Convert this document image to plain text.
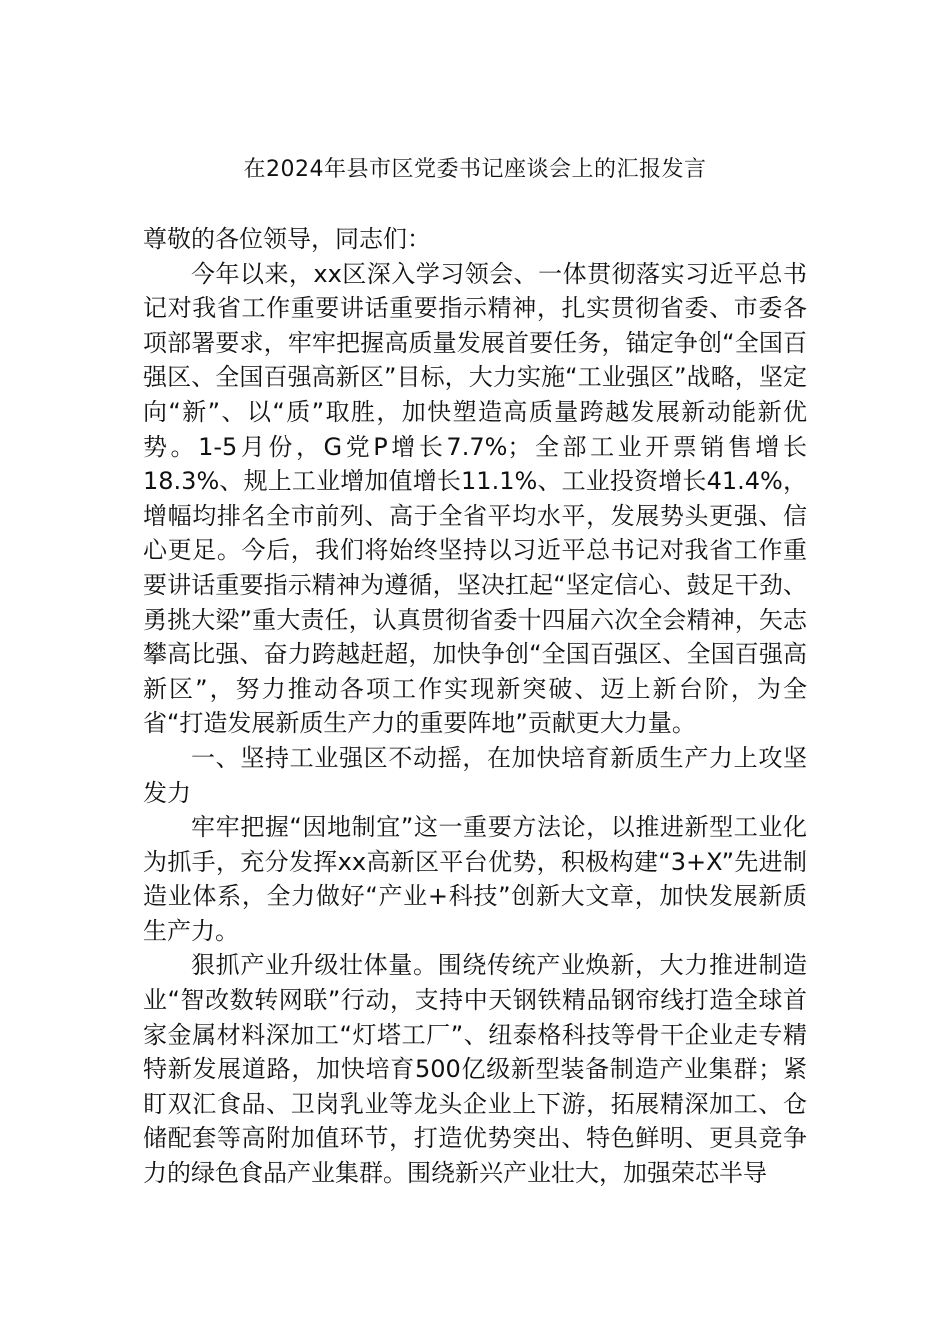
在2024年县市区党委书记座谈会上的汇报发言

尊敬的各位领导，同志们：

今年以来，xx区深入学习领会、一体贯彻落实习近平总书记对我省工作重要讲话重要指示精神，扎实贯彻省委、市委各项部署要求，牢牢把握高质量发展首要任务，锚定争创“全国百强区、全国百强高新区”目标，大力实施“工业强区”战略，坚定向“新”、以“质”取胜，加快塑造高质量跨越发展新动能新优势。1-5月份，G党P增长7.7%；全部工业开票销售增长18.3%、规上工业增加值增长11.1%、工业投资增长41.4%，增幅均排名全市前列、高于全省平均水平，发展势头更强、信心更足。今后，我们将始终坚持以习近平总书记对我省工作重要讲话重要指示精神为遵循，坚决扛起“坚定信心、鼓足干劲、勇挑大梁”重大责任，认真贯彻省委十四届六次全会精神，矢志攀高比强、奋力跨越赶超，加快争创“全国百强区、全国百强高新区”，努力推动各项工作实现新突破、迈上新台阶，为全省“打造发展新质生产力的重要阵地”贡献更大力量。

一、坚持工业强区不动摇，在加快培育新质生产力上攻坚发力

牢牢把握“因地制宜”这一重要方法论，以推进新型工业化为抓手，充分发挥xx高新区平台优势，积极构建“3+X”先进制造业体系，全力做好“产业+科技”创新大文章，加快发展新质生产力。

狠抓产业升级壮体量。围绕传统产业焕新，大力推进制造业“智改数转网联”行动，支持中天钢铁精品钢帘线打造全球首家金属材料深加工“灯塔工厂”、纽泰格科技等骨干企业走专精特新发展道路，加快培育500亿级新型装备制造产业集群；紧盯双汇食品、卫岗乳业等龙头企业上下游，拓展精深加工、仓储配套等高附加值环节，打造优势突出、特色鲜明、更具竞争力的绿色食品产业集群。围绕新兴产业壮大，加强荣芯半导
